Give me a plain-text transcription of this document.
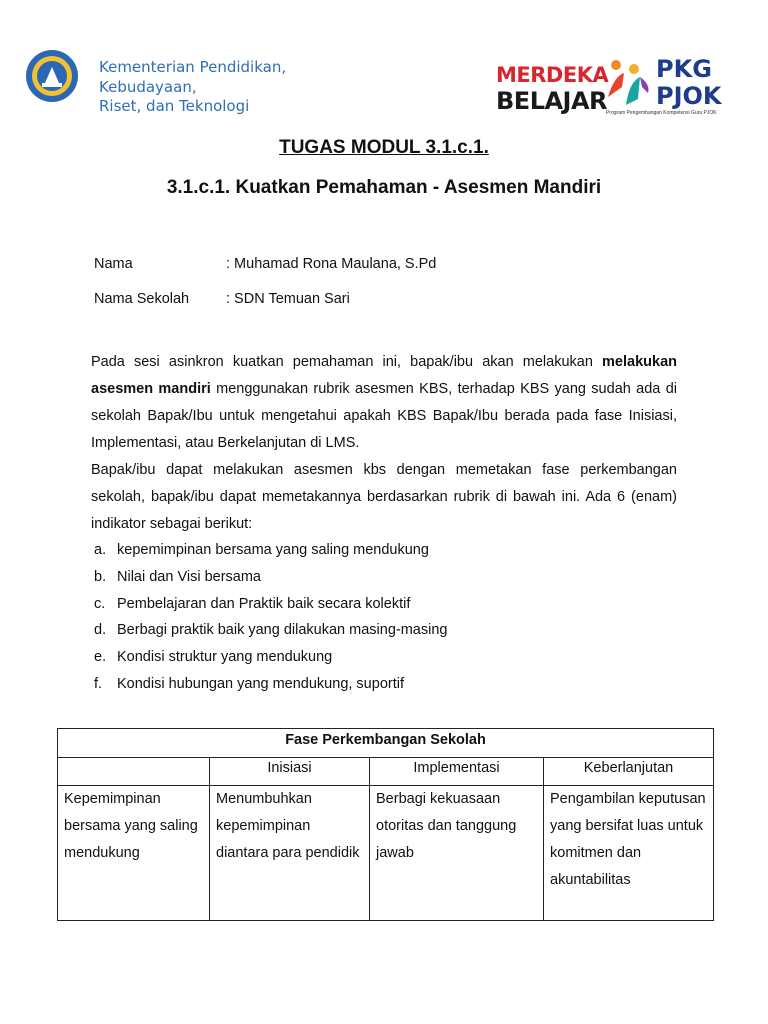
Kementerian Pendidikan,
Kebudayaan,
Riset, dan Teknologi
MERDEKA
BELAJAR
PKG
PJOK
Program Pengembangan Kompetensi Guru PJOK
TUGAS MODUL 3.1.c.1.
3.1.c.1. Kuatkan Pemahaman - Asesmen Mandiri
Nama	: Muhamad Rona Maulana, S.Pd
Nama Sekolah	: SDN Temuan Sari

Pada sesi asinkron kuatkan pemahaman ini, bapak/ibu akan melakukan melakukan asesmen mandiri menggunakan rubrik asesmen KBS, terhadap KBS yang sudah ada di sekolah Bapak/Ibu untuk mengetahui apakah KBS Bapak/Ibu berada pada fase Inisiasi, Implementasi, atau Berkelanjutan di LMS.

Bapak/ibu dapat melakukan asesmen kbs dengan memetakan fase perkembangan sekolah, bapak/ibu dapat memetakannya berdasarkan rubrik di bawah ini. Ada 6 (enam) indikator sebagai berikut:

a. kepemimpinan bersama yang saling mendukung
b. Nilai dan Visi bersama
c. Pembelajaran dan Praktik baik secara kolektif
d. Berbagi praktik baik yang dilakukan masing-masing
e. Kondisi struktur yang mendukung
f. Kondisi hubungan yang mendukung, suportif
Fase Perkembangan Sekolah			
	Inisiasi	Implementasi	Keberlanjutan
Kepemimpinan bersama yang saling mendukung	Menumbuhkan kepemimpinan diantara para pendidik	Berbagi kekuasaan otoritas dan tanggung jawab	Pengambilan keputusan yang bersifat luas untuk komitmen dan akuntabilitas
